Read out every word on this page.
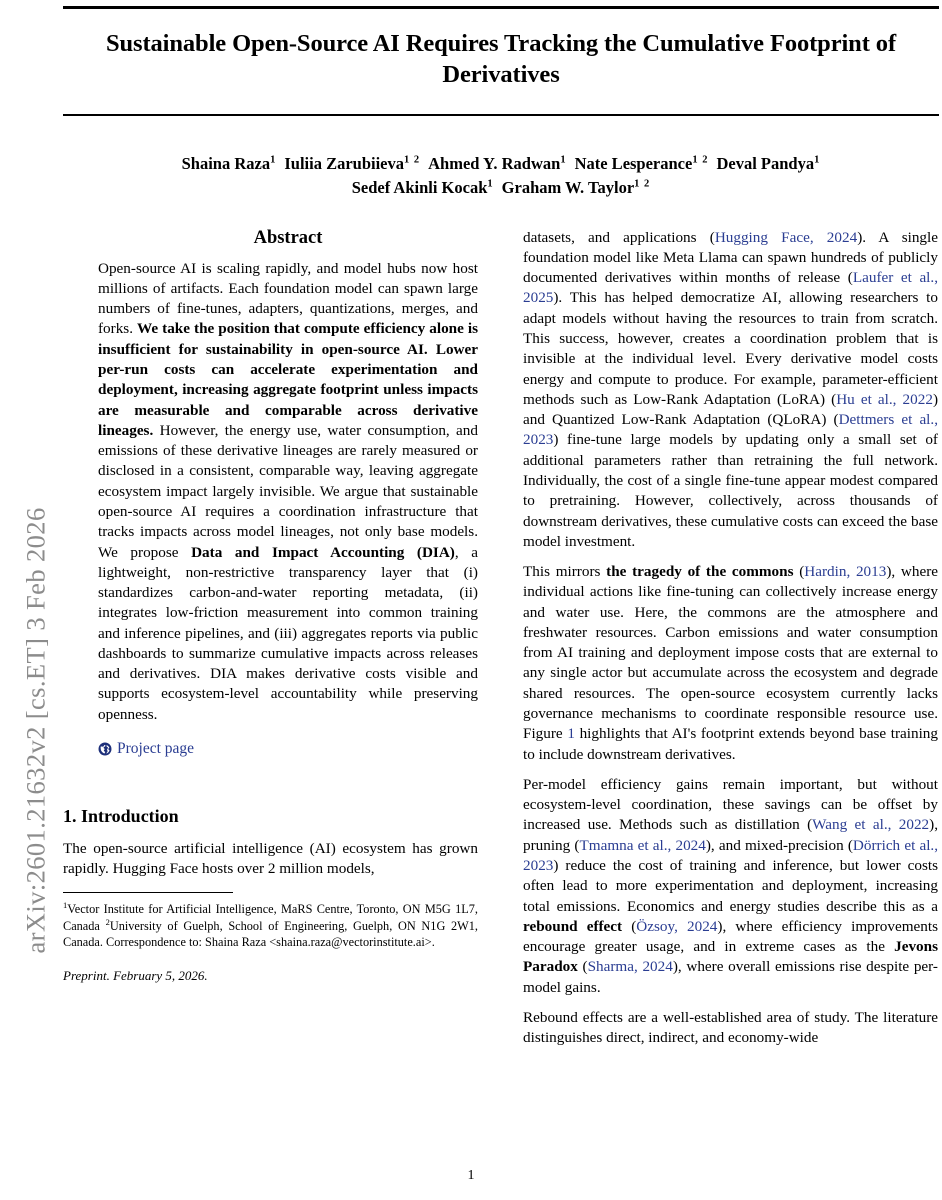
arXiv:2601.21632v2 [cs.ET] 3 Feb 2026
Sustainable Open-Source AI Requires Tracking the Cumulative Footprint of Derivatives
Shaina Raza$^1$ Iuliia Zarubiieva$^{1 2}$ Ahmed Y. Radwan$^1$ Nate Lesperance$^{1 2}$ Deval Pandya$^1$
Sedef Akinli Kocak$^1$ Graham W. Taylor$^{1 2}$
Abstract
Open-source AI is scaling rapidly, and model hubs now host millions of artifacts. Each foundation model can spawn large numbers of fine-tunes, adapters, quantizations, merges, and forks. We take the position that compute efficiency alone is insufficient for sustainability in open-source AI. Lower per-run costs can accelerate experimentation and deployment, increasing aggregate footprint unless impacts are measurable and comparable across derivative lineages. However, the energy use, water consumption, and emissions of these derivative lineages are rarely measured or disclosed in a consistent, comparable way, leaving aggregate ecosystem impact largely invisible. We argue that sustainable open-source AI requires a coordination infrastructure that tracks impacts across model lineages, not only base models. We propose Data and Impact Accounting (DIA), a lightweight, non-restrictive transparency layer that (i) standardizes carbon-and-water reporting metadata, (ii) integrates low-friction measurement into common training and inference pipelines, and (iii) aggregates reports via public dashboards to summarize cumulative impacts across releases and derivatives. DIA makes derivative costs visible and supports ecosystem-level accountability while preserving openness.
Project page
1. Introduction

The open-source artificial intelligence (AI) ecosystem has grown rapidly. Hugging Face hosts over 2 million models,

$^1$Vector Institute for Artificial Intelligence, MaRS Centre, Toronto, ON M5G 1L7, Canada $^2$University of Guelph, School of Engineering, Guelph, ON N1G 2W1, Canada. Correspondence to: Shaina Raza <shaina.raza@vectorinstitute.ai>.

Preprint. February 5, 2026.

datasets, and applications (Hugging Face, 2024). A single foundation model like Meta Llama can spawn hundreds of publicly documented derivatives within months of release (Laufer et al., 2025). This has helped democratize AI, allowing researchers to adapt models without having the resources to train from scratch. This success, however, creates a coordination problem that is invisible at the individual level. Every derivative model costs energy and compute to produce. For example, parameter-efficient methods such as Low-Rank Adaptation (LoRA) (Hu et al., 2022) and Quantized Low-Rank Adaptation (QLoRA) (Dettmers et al., 2023) fine-tune large models by updating only a small set of additional parameters rather than retraining the full network. Individually, the cost of a single fine-tune appear modest compared to pretraining. However, collectively, across thousands of downstream derivatives, these cumulative costs can exceed the base model investment.

This mirrors the tragedy of the commons (Hardin, 2013), where individual actions like fine-tuning can collectively increase energy and water use. Here, the commons are the atmosphere and freshwater resources. Carbon emissions and water consumption from AI training and deployment impose costs that are external to any single actor but accumulate across the ecosystem and degrade shared resources. The open-source ecosystem currently lacks governance mechanisms to coordinate responsible resource use. Figure 1 highlights that AI's footprint extends beyond base training to include downstream derivatives.

Per-model efficiency gains remain important, but without ecosystem-level coordination, these savings can be offset by increased use. Methods such as distillation (Wang et al., 2022), pruning (Tmamna et al., 2024), and mixed-precision (Dörrich et al., 2023) reduce the cost of training and inference, but lower costs often lead to more experimentation and deployment, increasing total emissions. Economics and energy studies describe this as a rebound effect (Özsoy, 2024), where efficiency improvements encourage greater usage, and in extreme cases as the Jevons Paradox (Sharma, 2024), where overall emissions rise despite per-model gains.

Rebound effects are a well-established area of study. The literature distinguishes direct, indirect, and economy-wide

1
